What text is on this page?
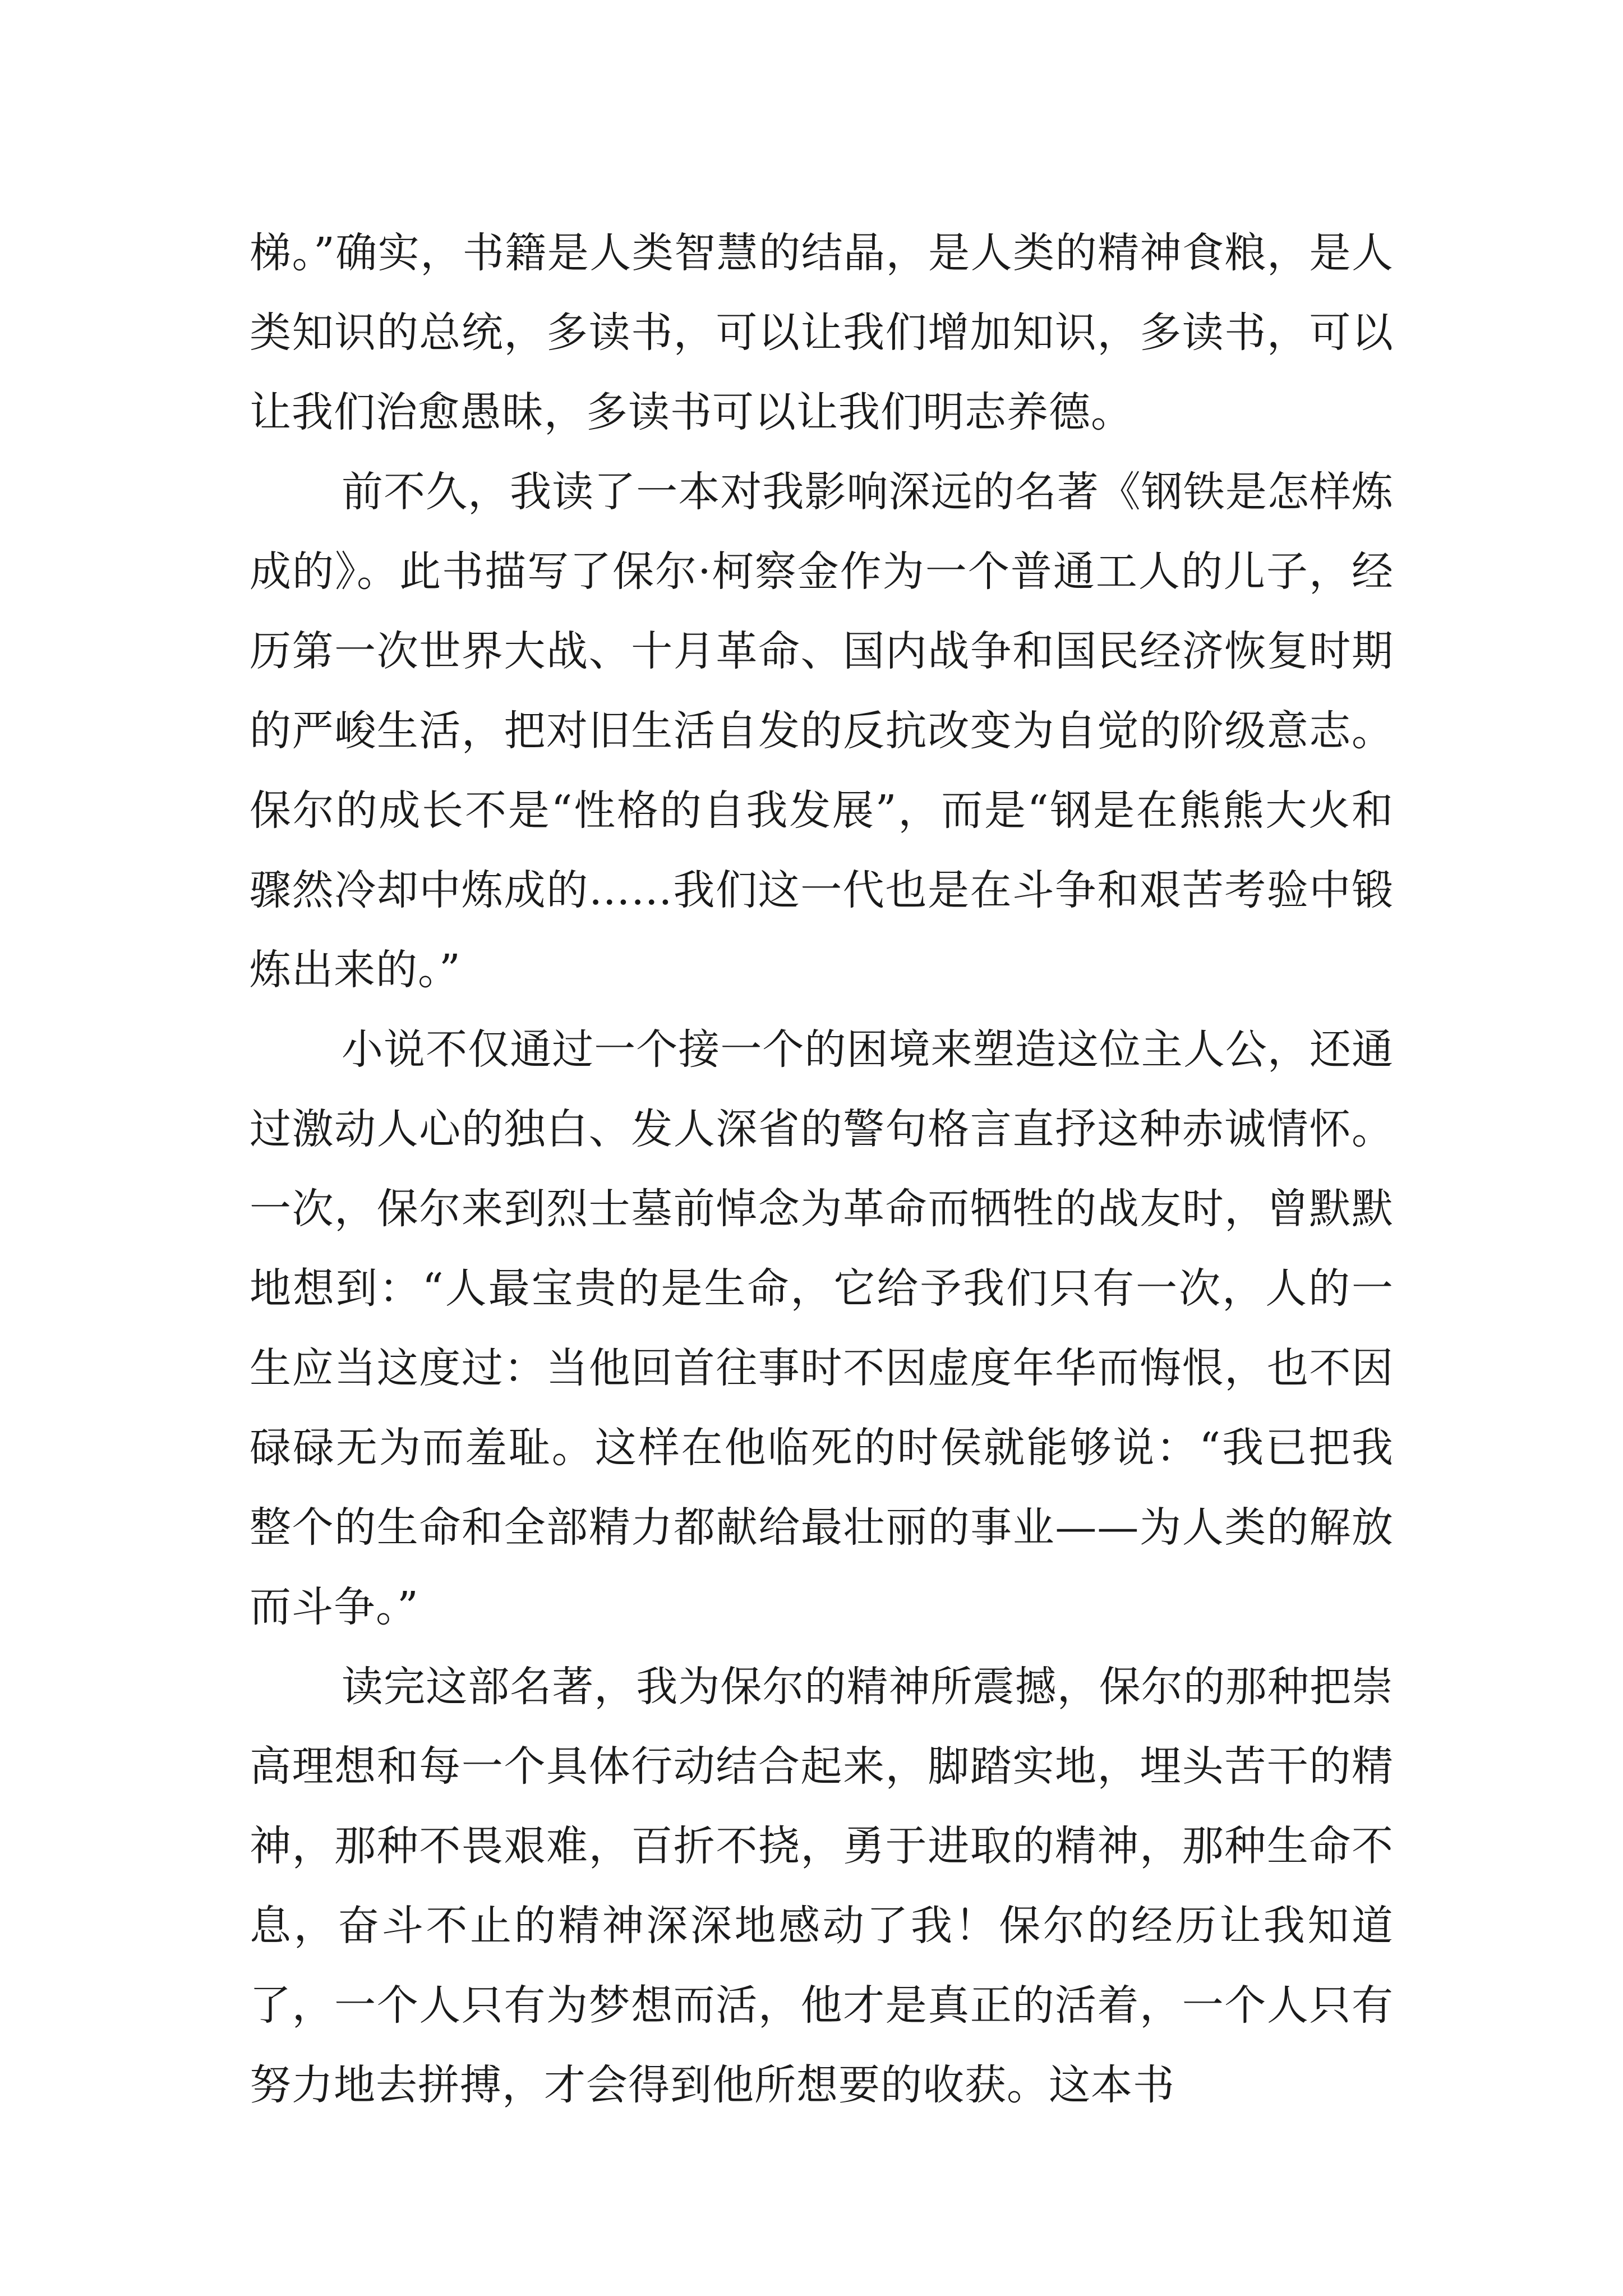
梯。”确实，书籍是人类智慧的结晶，是人类的精神食粮，是人类知识的总统，多读书，可以让我们增加知识，多读书，可以让我们治愈愚昧，多读书可以让我们明志养德。

前不久，我读了一本对我影响深远的名著《钢铁是怎样炼成的》。此书描写了保尔·柯察金作为一个普通工人的儿子，经历第一次世界大战、十月革命、国内战争和国民经济恢复时期的严峻生活，把对旧生活自发的反抗改变为自觉的阶级意志。保尔的成长不是“性格的自我发展”，而是“钢是在熊熊大火和骤然冷却中炼成的……我们这一代也是在斗争和艰苦考验中锻炼出来的。”

小说不仅通过一个接一个的困境来塑造这位主人公，还通过激动人心的独白、发人深省的警句格言直抒这种赤诚情怀。一次，保尔来到烈士墓前悼念为革命而牺牲的战友时，曾默默地想到：“人最宝贵的是生命，它给予我们只有一次，人的一生应当这度过：当他回首往事时不因虚度年华而悔恨，也不因碌碌无为而羞耻。这样在他临死的时侯就能够说：“我已把我整个的生命和全部精力都献给最壮丽的事业——为人类的解放而斗争。”

读完这部名著，我为保尔的精神所震撼，保尔的那种把崇高理想和每一个具体行动结合起来，脚踏实地，埋头苦干的精神，那种不畏艰难，百折不挠，勇于进取的精神，那种生命不息，奋斗不止的精神深深地感动了我！保尔的经历让我知道了，一个人只有为梦想而活，他才是真正的活着，一个人只有努力地去拼搏，才会得到他所想要的收获。这本书
